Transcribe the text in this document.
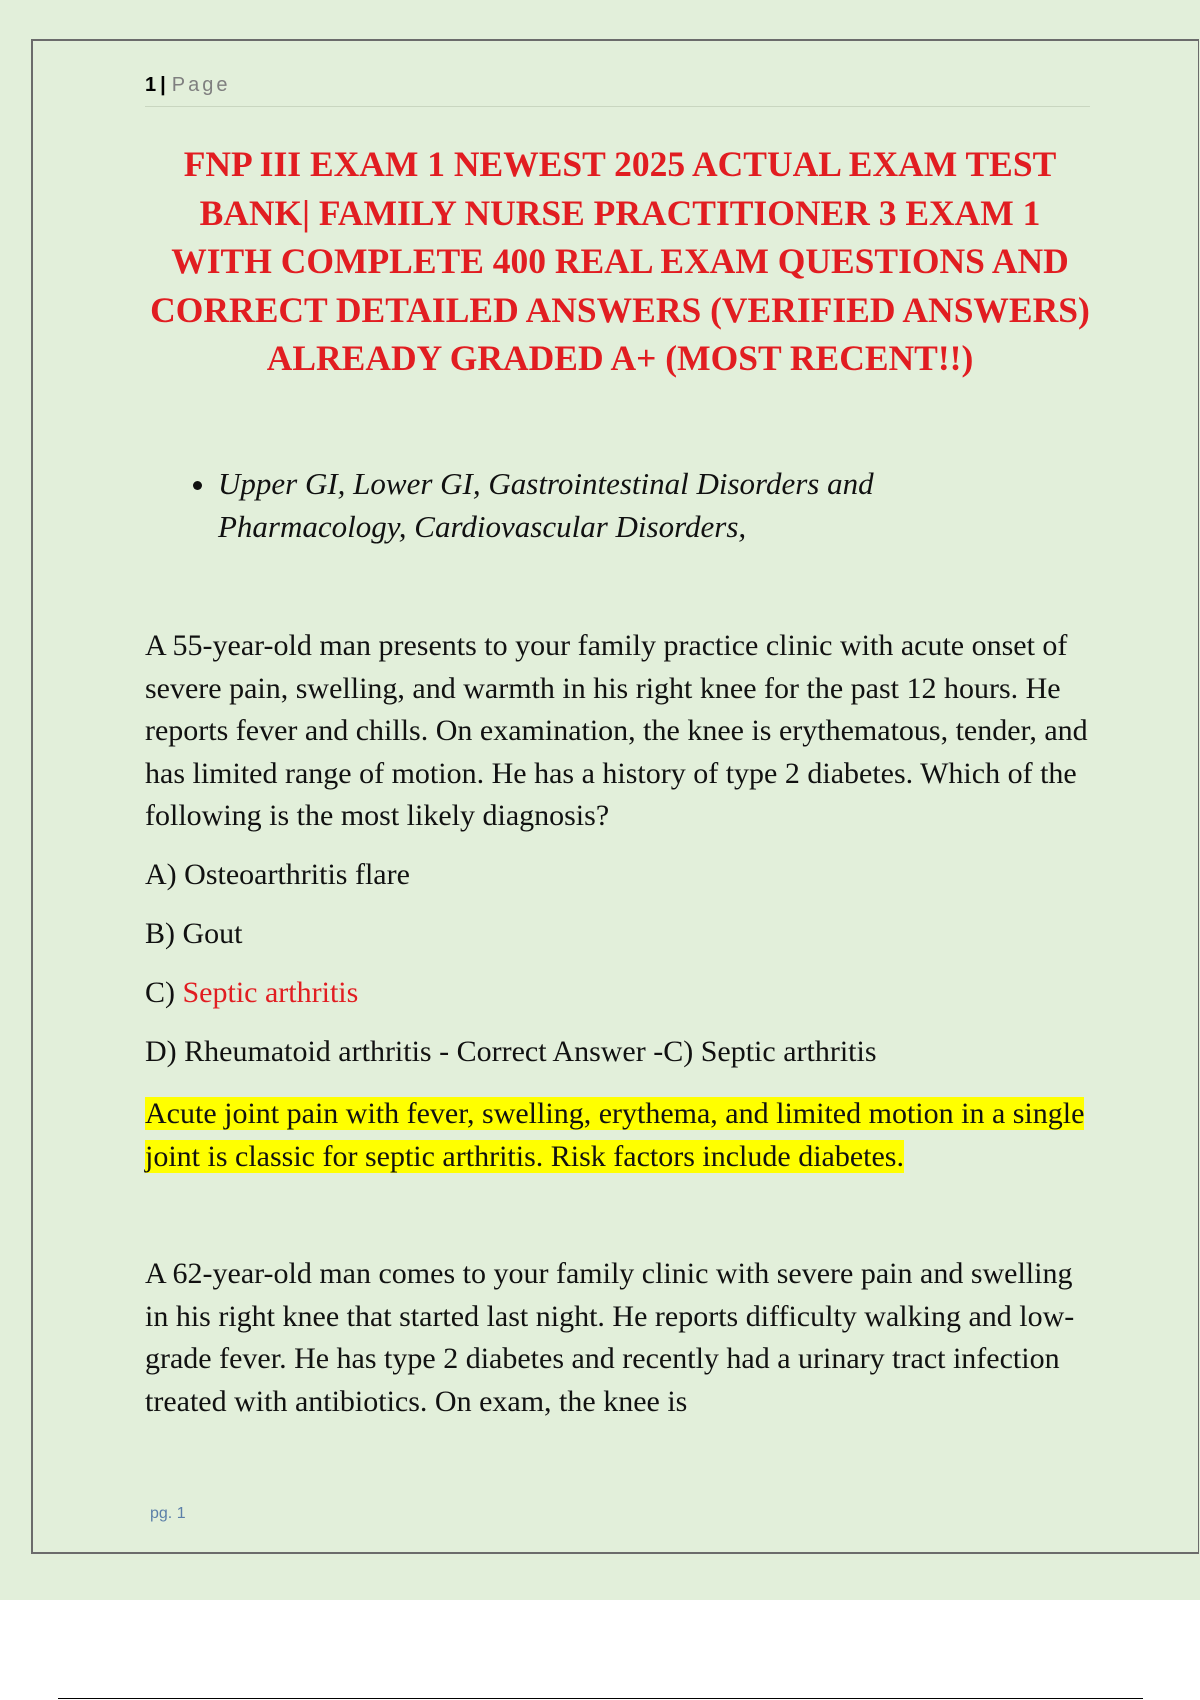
1 | Page
FNP III EXAM 1 NEWEST 2025 ACTUAL EXAM TEST BANK| FAMILY NURSE PRACTITIONER 3 EXAM 1 WITH COMPLETE 400 REAL EXAM QUESTIONS AND CORRECT DETAILED ANSWERS (VERIFIED ANSWERS) ALREADY GRADED A+ (MOST RECENT!!)
• Upper GI, Lower GI, Gastrointestinal Disorders and Pharmacology, Cardiovascular Disorders,

A 55-year-old man presents to your family practice clinic with acute onset of severe pain, swelling, and warmth in his right knee for the past 12 hours. He reports fever and chills. On examination, the knee is erythematous, tender, and has limited range of motion. He has a history of type 2 diabetes. Which of the following is the most likely diagnosis?

A) Osteoarthritis flare

B) Gout

C) Septic arthritis

D) Rheumatoid arthritis - Correct Answer -C) Septic arthritis

Acute joint pain with fever, swelling, erythema, and limited motion in a single joint is classic for septic arthritis. Risk factors include diabetes.

A 62-year-old man comes to your family clinic with severe pain and swelling in his right knee that started last night. He reports difficulty walking and low-grade fever. He has type 2 diabetes and recently had a urinary tract infection treated with antibiotics. On exam, the knee is

pg. 1
